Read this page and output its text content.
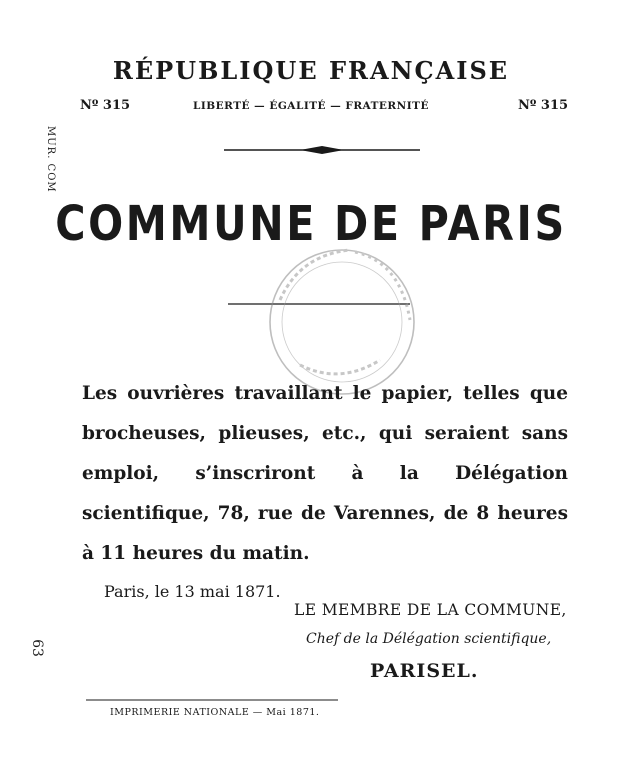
RÉPUBLIQUE FRANÇAISE
Nº 315	LIBERTÉ — ÉGALITÉ — FRATERNITÉ	Nº 315
MUR. COM
63
COMMUNE DE PARIS
Les ouvrières travaillant le papier, telles que brocheuses, plieuses, etc., qui seraient sans emploi, s’inscriront à la Délégation scientifique, 78, rue de Varennes, de 8 heures à 11 heures du matin.
Paris, le 13 mai 1871.
LE MEMBRE DE LA COMMUNE,
Chef de la Délégation scientifique,
PARISEL.
IMPRIMERIE NATIONALE — Mai 1871.
